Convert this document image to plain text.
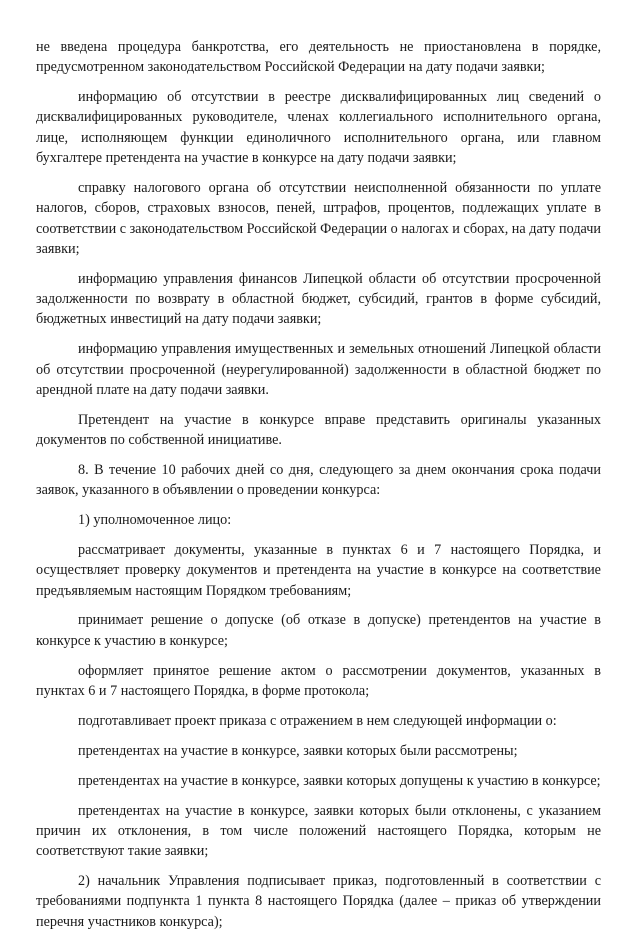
не введена процедура банкротства, его деятельность не приостановлена в порядке, предусмотренном законодательством Российской Федерации на дату подачи заявки;

информацию об отсутствии в реестре дисквалифицированных лиц сведений о дисквалифицированных руководителе, членах коллегиального исполнительного органа, лице, исполняющем функции единоличного исполнительного органа, или главном бухгалтере претендента на участие в конкурсе на дату подачи заявки;

справку налогового органа об отсутствии неисполненной обязанности по уплате налогов, сборов, страховых взносов, пеней, штрафов, процентов, подлежащих уплате в соответствии с законодательством Российской Федерации о налогах и сборах, на дату подачи заявки;

информацию управления финансов Липецкой области об отсутствии просроченной задолженности по возврату в областной бюджет, субсидий, грантов в форме субсидий, бюджетных инвестиций на дату подачи заявки;

информацию управления имущественных и земельных отношений Липецкой области об отсутствии просроченной (неурегулированной) задолженности в областной бюджет по арендной плате на дату подачи заявки.

Претендент на участие в конкурсе вправе представить оригиналы указанных документов по собственной инициативе.

8. В течение 10 рабочих дней со дня, следующего за днем окончания срока подачи заявок, указанного в объявлении о проведении конкурса:

1) уполномоченное лицо:

рассматривает документы, указанные в пунктах 6 и 7 настоящего Порядка, и осуществляет проверку документов и претендента на участие в конкурсе на соответствие предъявляемым настоящим Порядком требованиям;

принимает решение о допуске (об отказе в допуске) претендентов на участие в конкурсе к участию в конкурсе;

оформляет принятое решение актом о рассмотрении документов, указанных в пунктах 6 и 7 настоящего Порядка, в форме протокола;

подготавливает проект приказа с отражением в нем следующей информации о:

претендентах на участие в конкурсе, заявки которых были рассмотрены;

претендентах на участие в конкурсе, заявки которых допущены к участию в конкурсе;

претендентах на участие в конкурсе, заявки которых были отклонены, с указанием причин их отклонения, в том числе положений настоящего Порядка, которым не соответствуют такие заявки;

2) начальник Управления подписывает приказ, подготовленный в соответствии с требованиями подпункта 1 пункта 8 настоящего Порядка (далее – приказ об утверждении перечня участников конкурса);
